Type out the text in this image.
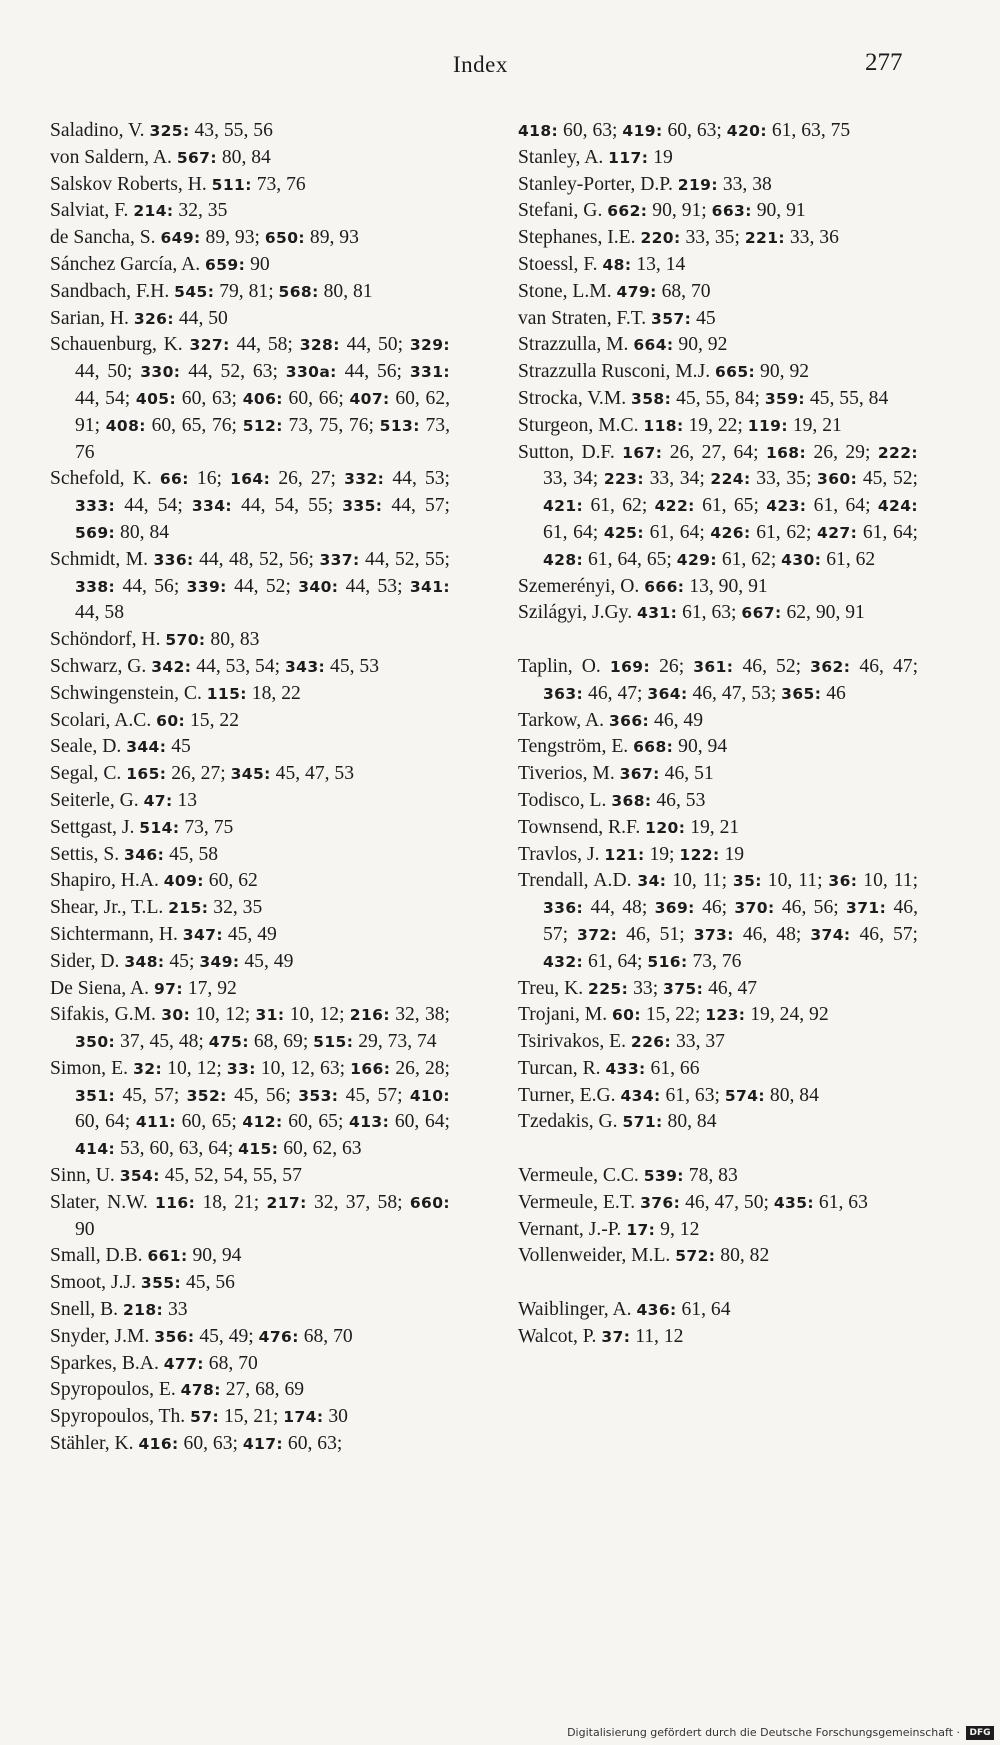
Index	277
Saladino, V. 325: 43, 55, 56
von Saldern, A. 567: 80, 84
Salskov Roberts, H. 511: 73, 76
Salviat, F. 214: 32, 35
de Sancha, S. 649: 89, 93; 650: 89, 93
Sánchez García, A. 659: 90
Sandbach, F.H. 545: 79, 81; 568: 80, 81
Sarian, H. 326: 44, 50
Schauenburg, K. 327: 44, 58; 328: 44, 50; 329: 44, 50; 330: 44, 52, 63; 330a: 44, 56; 331: 44, 54; 405: 60, 63; 406: 60, 66; 407: 60, 62, 91; 408: 60, 65, 76; 512: 73, 75, 76; 513: 73, 76
Schefold, K. 66: 16; 164: 26, 27; 332: 44, 53; 333: 44, 54; 334: 44, 54, 55; 335: 44, 57; 569: 80, 84
Schmidt, M. 336: 44, 48, 52, 56; 337: 44, 52, 55; 338: 44, 56; 339: 44, 52; 340: 44, 53; 341: 44, 58
Schöndorf, H. 570: 80, 83
Schwarz, G. 342: 44, 53, 54; 343: 45, 53
Schwingenstein, C. 115: 18, 22
Scolari, A.C. 60: 15, 22
Seale, D. 344: 45
Segal, C. 165: 26, 27; 345: 45, 47, 53
Seiterle, G. 47: 13
Settgast, J. 514: 73, 75
Settis, S. 346: 45, 58
Shapiro, H.A. 409: 60, 62
Shear, Jr., T.L. 215: 32, 35
Sichtermann, H. 347: 45, 49
Sider, D. 348: 45; 349: 45, 49
De Siena, A. 97: 17, 92
Sifakis, G.M. 30: 10, 12; 31: 10, 12; 216: 32, 38; 350: 37, 45, 48; 475: 68, 69; 515: 29, 73, 74
Simon, E. 32: 10, 12; 33: 10, 12, 63; 166: 26, 28; 351: 45, 57; 352: 45, 56; 353: 45, 57; 410: 60, 64; 411: 60, 65; 412: 60, 65; 413: 60, 64; 414: 53, 60, 63, 64; 415: 60, 62, 63
Sinn, U. 354: 45, 52, 54, 55, 57
Slater, N.W. 116: 18, 21; 217: 32, 37, 58; 660: 90
Small, D.B. 661: 90, 94
Smoot, J.J. 355: 45, 56
Snell, B. 218: 33
Snyder, J.M. 356: 45, 49; 476: 68, 70
Sparkes, B.A. 477: 68, 70
Spyropoulos, E. 478: 27, 68, 69
Spyropoulos, Th. 57: 15, 21; 174: 30
Stähler, K. 416: 60, 63; 417: 60, 63;
418: 60, 63; 419: 60, 63; 420: 61, 63, 75
Stanley, A. 117: 19
Stanley-Porter, D.P. 219: 33, 38
Stefani, G. 662: 90, 91; 663: 90, 91
Stephanes, I.E. 220: 33, 35; 221: 33, 36
Stoessl, F. 48: 13, 14
Stone, L.M. 479: 68, 70
van Straten, F.T. 357: 45
Strazzulla, M. 664: 90, 92
Strazzulla Rusconi, M.J. 665: 90, 92
Strocka, V.M. 358: 45, 55, 84; 359: 45, 55, 84
Sturgeon, M.C. 118: 19, 22; 119: 19, 21
Sutton, D.F. 167: 26, 27, 64; 168: 26, 29; 222: 33, 34; 223: 33, 34; 224: 33, 35; 360: 45, 52; 421: 61, 62; 422: 61, 65; 423: 61, 64; 424: 61, 64; 425: 61, 64; 426: 61, 62; 427: 61, 64; 428: 61, 64, 65; 429: 61, 62; 430: 61, 62
Szemerényi, O. 666: 13, 90, 91
Szilágyi, J.Gy. 431: 61, 63; 667: 62, 90, 91
Taplin, O. 169: 26; 361: 46, 52; 362: 46, 47; 363: 46, 47; 364: 46, 47, 53; 365: 46
Tarkow, A. 366: 46, 49
Tengström, E. 668: 90, 94
Tiverios, M. 367: 46, 51
Todisco, L. 368: 46, 53
Townsend, R.F. 120: 19, 21
Travlos, J. 121: 19; 122: 19
Trendall, A.D. 34: 10, 11; 35: 10, 11; 36: 10, 11; 336: 44, 48; 369: 46; 370: 46, 56; 371: 46, 57; 372: 46, 51; 373: 46, 48; 374: 46, 57; 432: 61, 64; 516: 73, 76
Treu, K. 225: 33; 375: 46, 47
Trojani, M. 60: 15, 22; 123: 19, 24, 92
Tsirivakos, E. 226: 33, 37
Turcan, R. 433: 61, 66
Turner, E.G. 434: 61, 63; 574: 80, 84
Tzedakis, G. 571: 80, 84
Vermeule, C.C. 539: 78, 83
Vermeule, E.T. 376: 46, 47, 50; 435: 61, 63
Vernant, J.-P. 17: 9, 12
Vollenweider, M.L. 572: 80, 82
Waiblinger, A. 436: 61, 64
Walcot, P. 37: 11, 12
Digitalisierung gefördert durch die Deutsche Forschungsgemeinschaft ·	DFG
